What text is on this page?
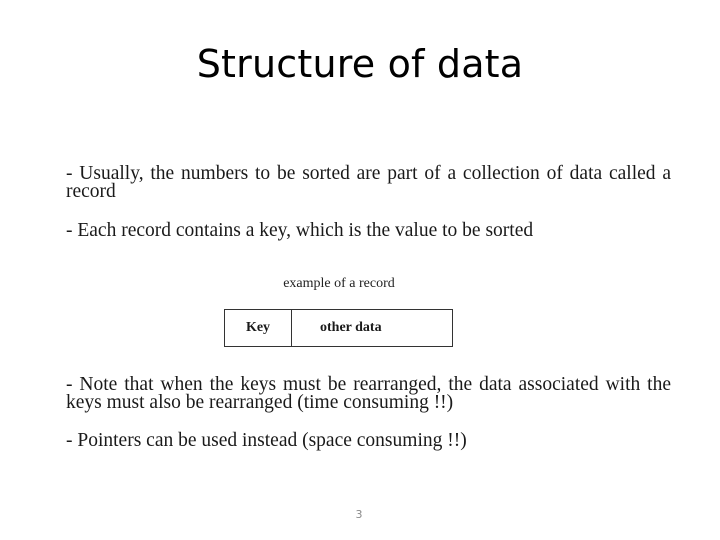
Structure of data
- Usually, the numbers to be sorted are part of a collection of data called a record
- Each record contains a key, which is the value to be sorted
example of a record
Key	other data
- Note that when the keys must be rearranged, the data associated with the keys must also be rearranged (time consuming !!)
- Pointers can be used instead (space consuming !!)
3
